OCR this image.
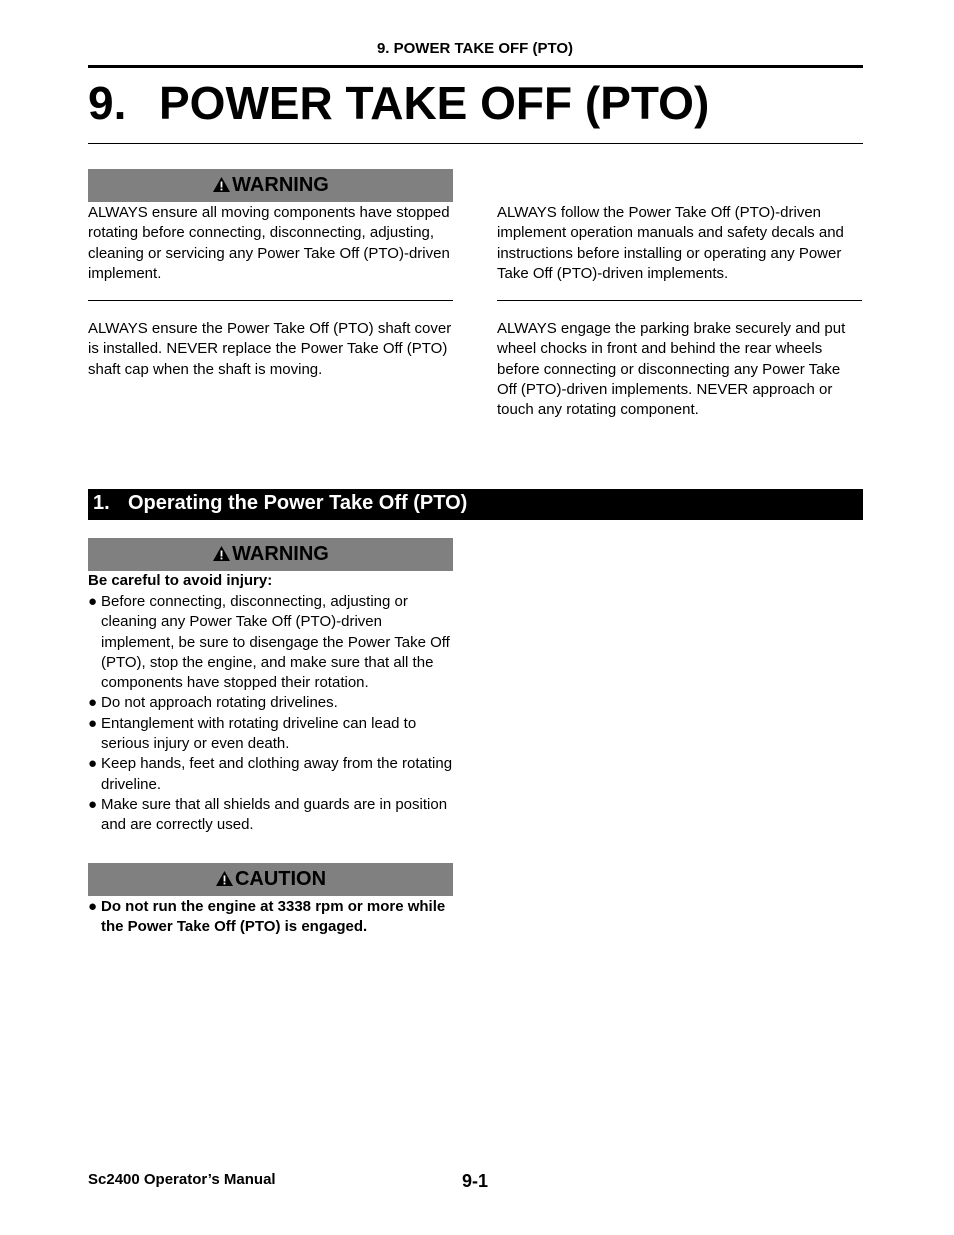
9. POWER TAKE OFF (PTO)
9. POWER TAKE OFF (PTO)
WARNING
ALWAYS ensure all moving components have stopped rotating before connecting, disconnecting, adjusting, cleaning or servicing any Power Take Off (PTO)-driven implement.
ALWAYS ensure the Power Take Off (PTO) shaft cover is installed. NEVER replace the Power Take Off (PTO) shaft cap when the shaft is moving.
ALWAYS follow the Power Take Off (PTO)-driven implement operation manuals and safety decals and instructions before installing or operating any Power Take Off (PTO)-driven implements.
ALWAYS engage the parking brake securely and put wheel chocks in front and behind the rear wheels before connecting or disconnecting any Power Take Off (PTO)-driven implements. NEVER approach or touch any rotating component.
1. Operating the Power Take Off (PTO)
WARNING
Be careful to avoid injury:
● Before connecting, disconnecting, adjusting or cleaning any Power Take Off (PTO)-driven implement, be sure to disengage the Power Take Off (PTO), stop the engine, and make sure that all the components have stopped their rotation.
● Do not approach rotating drivelines.
● Entanglement with rotating driveline can lead to serious injury or even death.
● Keep hands, feet and clothing away from the rotating driveline.
● Make sure that all shields and guards are in position and are correctly used.
CAUTION
● Do not run the engine at 3338 rpm or more while the Power Take Off (PTO) is engaged.
Sc2400 Operator’s Manual	9-1
